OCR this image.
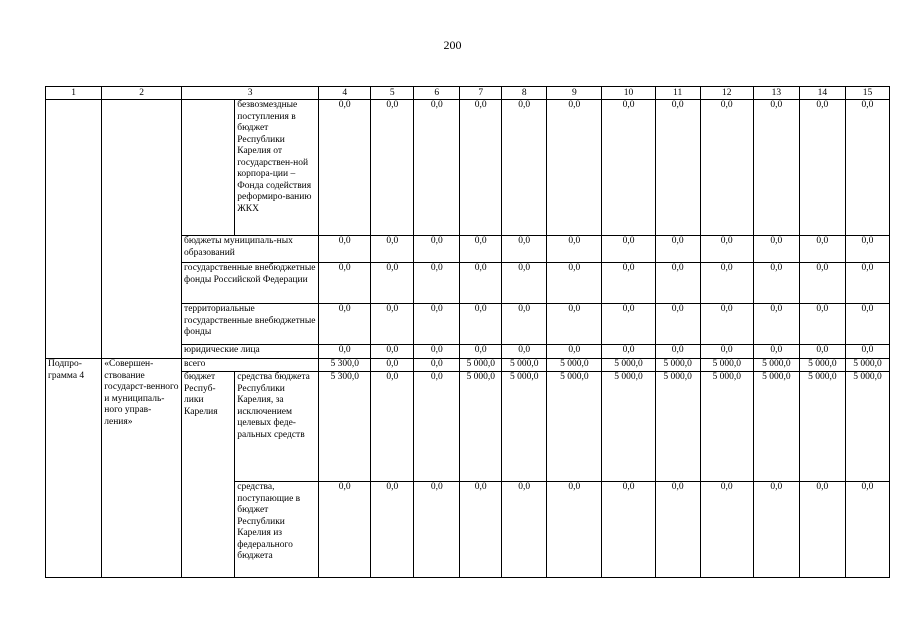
200
1	2	3		4	5	6	7	8	9	10	11	12	13	14	15
			безвозмездные поступления в бюджет Республики Карелия от государствен-ной корпора-ции – Фонда содействия реформиро-ванию ЖКХ	0,0	0,0	0,0	0,0	0,0	0,0	0,0	0,0	0,0	0,0	0,0	0,0
		бюджеты муниципаль-ных образований		0,0	0,0	0,0	0,0	0,0	0,0	0,0	0,0	0,0	0,0	0,0	0,0
		государственные внебюджетные фонды Российской Федерации		0,0	0,0	0,0	0,0	0,0	0,0	0,0	0,0	0,0	0,0	0,0	0,0
		территориальные государственные внебюджетные фонды		0,0	0,0	0,0	0,0	0,0	0,0	0,0	0,0	0,0	0,0	0,0	0,0
		юридические лица		0,0	0,0	0,0	0,0	0,0	0,0	0,0	0,0	0,0	0,0	0,0	0,0
Подпро-грамма 4	«Совершен-ствование государст-венного и муниципаль-ного управ-ления»	всего		5 300,0	0,0	0,0	5 000,0	5 000,0	5 000,0	5 000,0	5 000,0	5 000,0	5 000,0	5 000,0	5 000,0
		бюджет Респуб-лики Карелия	средства бюджета Республики Карелия, за исключением целевых феде-ральных средств	5 300,0	0,0	0,0	5 000,0	5 000,0	5 000,0	5 000,0	5 000,0	5 000,0	5 000,0	5 000,0	5 000,0
			средства, поступающие в бюджет Республики Карелия из федерального бюджета	0,0	0,0	0,0	0,0	0,0	0,0	0,0	0,0	0,0	0,0	0,0	0,0
